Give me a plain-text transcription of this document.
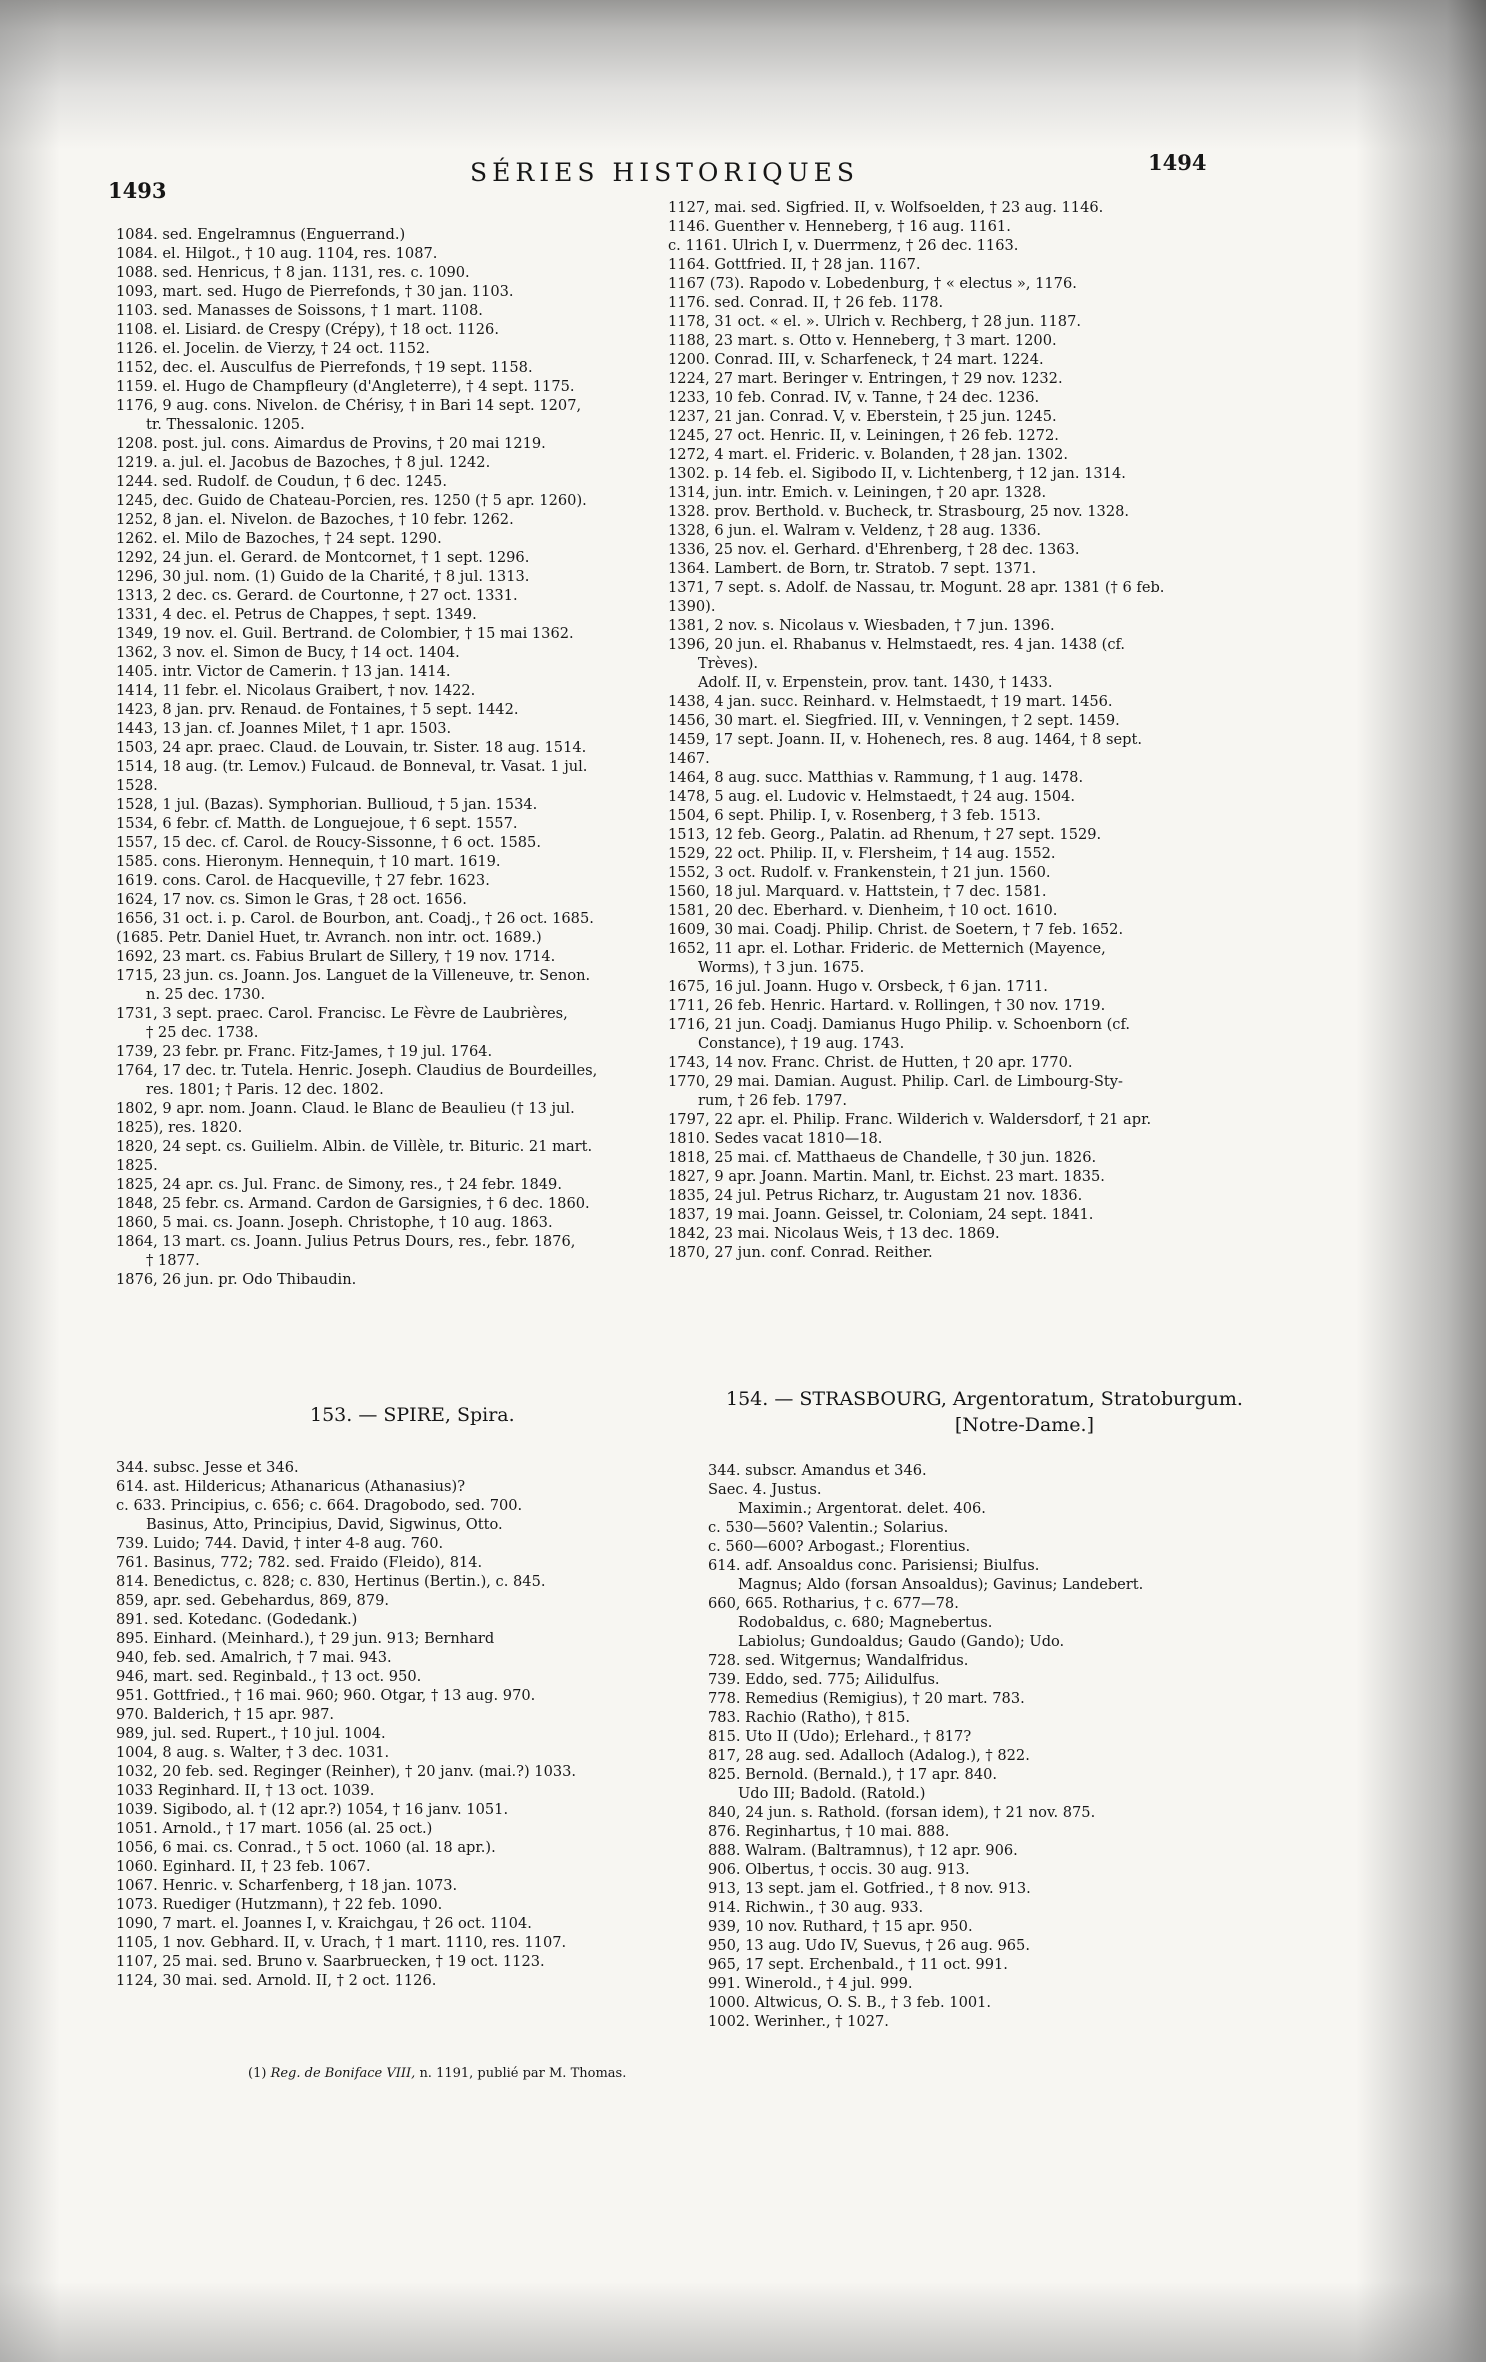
1493
SÉRIES HISTORIQUES	1494
1084. sed. Engelramnus (Enguerrand.)
1084. el. Hilgot., † 10 aug. 1104, res. 1087.
1088. sed. Henricus, † 8 jan. 1131, res. c. 1090.
1093, mart. sed. Hugo de Pierrefonds, † 30 jan. 1103.
1103. sed. Manasses de Soissons, † 1 mart. 1108.
1108. el. Lisiard. de Crespy (Crépy), † 18 oct. 1126.
1126. el. Jocelin. de Vierzy, † 24 oct. 1152.
1152, dec. el. Ausculfus de Pierrefonds, † 19 sept. 1158.
1159. el. Hugo de Champfleury (d'Angleterre), † 4 sept. 1175.
1176, 9 aug. cons. Nivelon. de Chérisy, † in Bari 14 sept. 1207,
tr. Thessalonic. 1205.
1208. post. jul. cons. Aimardus de Provins, † 20 mai 1219.
1219. a. jul. el. Jacobus de Bazoches, † 8 jul. 1242.
1244. sed. Rudolf. de Coudun, † 6 dec. 1245.
1245, dec. Guido de Chateau-Porcien, res. 1250 († 5 apr. 1260).
1252, 8 jan. el. Nivelon. de Bazoches, † 10 febr. 1262.
1262. el. Milo de Bazoches, † 24 sept. 1290.
1292, 24 jun. el. Gerard. de Montcornet, † 1 sept. 1296.
1296, 30 jul. nom. (1) Guido de la Charité, † 8 jul. 1313.
1313, 2 dec. cs. Gerard. de Courtonne, † 27 oct. 1331.
1331, 4 dec. el. Petrus de Chappes, † sept. 1349.
1349, 19 nov. el. Guil. Bertrand. de Colombier, † 15 mai 1362.
1362, 3 nov. el. Simon de Bucy, † 14 oct. 1404.
1405. intr. Victor de Camerin. † 13 jan. 1414.
1414, 11 febr. el. Nicolaus Graibert, † nov. 1422.
1423, 8 jan. prv. Renaud. de Fontaines, † 5 sept. 1442.
1443, 13 jan. cf. Joannes Milet, † 1 apr. 1503.
1503, 24 apr. praec. Claud. de Louvain, tr. Sister. 18 aug. 1514.
1514, 18 aug. (tr. Lemov.) Fulcaud. de Bonneval, tr. Vasat. 1 jul.
1528.
1528, 1 jul. (Bazas). Symphorian. Bullioud, † 5 jan. 1534.
1534, 6 febr. cf. Matth. de Longuejoue, † 6 sept. 1557.
1557, 15 dec. cf. Carol. de Roucy-Sissonne, † 6 oct. 1585.
1585. cons. Hieronym. Hennequin, † 10 mart. 1619.
1619. cons. Carol. de Hacqueville, † 27 febr. 1623.
1624, 17 nov. cs. Simon le Gras, † 28 oct. 1656.
1656, 31 oct. i. p. Carol. de Bourbon, ant. Coadj., † 26 oct. 1685.
(1685. Petr. Daniel Huet, tr. Avranch. non intr. oct. 1689.)
1692, 23 mart. cs. Fabius Brulart de Sillery, † 19 nov. 1714.
1715, 23 jun. cs. Joann. Jos. Languet de la Villeneuve, tr. Senon.
n. 25 dec. 1730.
1731, 3 sept. praec. Carol. Francisc. Le Fèvre de Laubrières,
† 25 dec. 1738.
1739, 23 febr. pr. Franc. Fitz-James, † 19 jul. 1764.
1764, 17 dec. tr. Tutela. Henric. Joseph. Claudius de Bourdeilles,
res. 1801; † Paris. 12 dec. 1802.
1802, 9 apr. nom. Joann. Claud. le Blanc de Beaulieu († 13 jul.
1825), res. 1820.
1820, 24 sept. cs. Guilielm. Albin. de Villèle, tr. Bituric. 21 mart.
1825.
1825, 24 apr. cs. Jul. Franc. de Simony, res., † 24 febr. 1849.
1848, 25 febr. cs. Armand. Cardon de Garsignies, † 6 dec. 1860.
1860, 5 mai. cs. Joann. Joseph. Christophe, † 10 aug. 1863.
1864, 13 mart. cs. Joann. Julius Petrus Dours, res., febr. 1876,
† 1877.
1876, 26 jun. pr. Odo Thibaudin.
1127, mai. sed. Sigfried. II, v. Wolfsoelden, † 23 aug. 1146.
1146. Guenther v. Henneberg, † 16 aug. 1161.
c. 1161. Ulrich I, v. Duerrmenz, † 26 dec. 1163.
1164. Gottfried. II, † 28 jan. 1167.
1167 (73). Rapodo v. Lobedenburg, † « electus », 1176.
1176. sed. Conrad. II, † 26 feb. 1178.
1178, 31 oct. « el. ». Ulrich v. Rechberg, † 28 jun. 1187.
1188, 23 mart. s. Otto v. Henneberg, † 3 mart. 1200.
1200. Conrad. III, v. Scharfeneck, † 24 mart. 1224.
1224, 27 mart. Beringer v. Entringen, † 29 nov. 1232.
1233, 10 feb. Conrad. IV, v. Tanne, † 24 dec. 1236.
1237, 21 jan. Conrad. V, v. Eberstein, † 25 jun. 1245.
1245, 27 oct. Henric. II, v. Leiningen, † 26 feb. 1272.
1272, 4 mart. el. Frideric. v. Bolanden, † 28 jan. 1302.
1302. p. 14 feb. el. Sigibodo II, v. Lichtenberg, † 12 jan. 1314.
1314, jun. intr. Emich. v. Leiningen, † 20 apr. 1328.
1328. prov. Berthold. v. Bucheck, tr. Strasbourg, 25 nov. 1328.
1328, 6 jun. el. Walram v. Veldenz, † 28 aug. 1336.
1336, 25 nov. el. Gerhard. d'Ehrenberg, † 28 dec. 1363.
1364. Lambert. de Born, tr. Stratob. 7 sept. 1371.
1371, 7 sept. s. Adolf. de Nassau, tr. Mogunt. 28 apr. 1381 († 6 feb.
1390).
1381, 2 nov. s. Nicolaus v. Wiesbaden, † 7 jun. 1396.
1396, 20 jun. el. Rhabanus v. Helmstaedt, res. 4 jan. 1438 (cf.
Trèves).
Adolf. II, v. Erpenstein, prov. tant. 1430, † 1433.
1438, 4 jan. succ. Reinhard. v. Helmstaedt, † 19 mart. 1456.
1456, 30 mart. el. Siegfried. III, v. Venningen, † 2 sept. 1459.
1459, 17 sept. Joann. II, v. Hohenech, res. 8 aug. 1464, † 8 sept.
1467.
1464, 8 aug. succ. Matthias v. Rammung, † 1 aug. 1478.
1478, 5 aug. el. Ludovic v. Helmstaedt, † 24 aug. 1504.
1504, 6 sept. Philip. I, v. Rosenberg, † 3 feb. 1513.
1513, 12 feb. Georg., Palatin. ad Rhenum, † 27 sept. 1529.
1529, 22 oct. Philip. II, v. Flersheim, † 14 aug. 1552.
1552, 3 oct. Rudolf. v. Frankenstein, † 21 jun. 1560.
1560, 18 jul. Marquard. v. Hattstein, † 7 dec. 1581.
1581, 20 dec. Eberhard. v. Dienheim, † 10 oct. 1610.
1609, 30 mai. Coadj. Philip. Christ. de Soetern, † 7 feb. 1652.
1652, 11 apr. el. Lothar. Frideric. de Metternich (Mayence,
Worms), † 3 jun. 1675.
1675, 16 jul. Joann. Hugo v. Orsbeck, † 6 jan. 1711.
1711, 26 feb. Henric. Hartard. v. Rollingen, † 30 nov. 1719.
1716, 21 jun. Coadj. Damianus Hugo Philip. v. Schoenborn (cf.
Constance), † 19 aug. 1743.
1743, 14 nov. Franc. Christ. de Hutten, † 20 apr. 1770.
1770, 29 mai. Damian. August. Philip. Carl. de Limbourg-Sty-
rum, † 26 feb. 1797.
1797, 22 apr. el. Philip. Franc. Wilderich v. Waldersdorf, † 21 apr.
1810. Sedes vacat 1810—18.
1818, 25 mai. cf. Matthaeus de Chandelle, † 30 jun. 1826.
1827, 9 apr. Joann. Martin. Manl, tr. Eichst. 23 mart. 1835.
1835, 24 jul. Petrus Richarz, tr. Augustam 21 nov. 1836.
1837, 19 mai. Joann. Geissel, tr. Coloniam, 24 sept. 1841.
1842, 23 mai. Nicolaus Weis, † 13 dec. 1869.
1870, 27 jun. conf. Conrad. Reither.
153. — SPIRE, Spira.
154. — STRASBOURG, Argentoratum, Stratoburgum.
[Notre-Dame.]
344. subsc. Jesse et 346.
614. ast. Hildericus; Athanaricus (Athanasius)?
c. 633. Principius, c. 656; c. 664. Dragobodo, sed. 700.
Basinus, Atto, Principius, David, Sigwinus, Otto.
739. Luido; 744. David, † inter 4-8 aug. 760.
761. Basinus, 772; 782. sed. Fraido (Fleido), 814.
814. Benedictus, c. 828; c. 830, Hertinus (Bertin.), c. 845.
859, apr. sed. Gebehardus, 869, 879.
891. sed. Kotedanc. (Godedank.)
895. Einhard. (Meinhard.), † 29 jun. 913; Bernhard
940, feb. sed. Amalrich, † 7 mai. 943.
946, mart. sed. Reginbald., † 13 oct. 950.
951. Gottfried., † 16 mai. 960; 960. Otgar, † 13 aug. 970.
970. Balderich, † 15 apr. 987.
989, jul. sed. Rupert., † 10 jul. 1004.
1004, 8 aug. s. Walter, † 3 dec. 1031.
1032, 20 feb. sed. Reginger (Reinher), † 20 janv. (mai.?) 1033.
1033 Reginhard. II, † 13 oct. 1039.
1039. Sigibodo, al. † (12 apr.?) 1054, † 16 janv. 1051.
1051. Arnold., † 17 mart. 1056 (al. 25 oct.)
1056, 6 mai. cs. Conrad., † 5 oct. 1060 (al. 18 apr.).
1060. Eginhard. II, † 23 feb. 1067.
1067. Henric. v. Scharfenberg, † 18 jan. 1073.
1073. Ruediger (Hutzmann), † 22 feb. 1090.
1090, 7 mart. el. Joannes I, v. Kraichgau, † 26 oct. 1104.
1105, 1 nov. Gebhard. II, v. Urach, † 1 mart. 1110, res. 1107.
1107, 25 mai. sed. Bruno v. Saarbruecken, † 19 oct. 1123.
1124, 30 mai. sed. Arnold. II, † 2 oct. 1126.
344. subscr. Amandus et 346.
Saec. 4. Justus.
Maximin.; Argentorat. delet. 406.
c. 530—560? Valentin.; Solarius.
c. 560—600? Arbogast.; Florentius.
614. adf. Ansoaldus conc. Parisiensi; Biulfus.
Magnus; Aldo (forsan Ansoaldus); Gavinus; Landebert.
660, 665. Rotharius, † c. 677—78.
Rodobaldus, c. 680; Magnebertus.
Labiolus; Gundoaldus; Gaudo (Gando); Udo.
728. sed. Witgernus; Wandalfridus.
739. Eddo, sed. 775; Ailidulfus.
778. Remedius (Remigius), † 20 mart. 783.
783. Rachio (Ratho), † 815.
815. Uto II (Udo); Erlehard., † 817?
817, 28 aug. sed. Adalloch (Adalog.), † 822.
825. Bernold. (Bernald.), † 17 apr. 840.
Udo III; Badold. (Ratold.)
840, 24 jun. s. Rathold. (forsan idem), † 21 nov. 875.
876. Reginhartus, † 10 mai. 888.
888. Walram. (Baltramnus), † 12 apr. 906.
906. Olbertus, † occis. 30 aug. 913.
913, 13 sept. jam el. Gotfried., † 8 nov. 913.
914. Richwin., † 30 aug. 933.
939, 10 nov. Ruthard, † 15 apr. 950.
950, 13 aug. Udo IV, Suevus, † 26 aug. 965.
965, 17 sept. Erchenbald., † 11 oct. 991.
991. Winerold., † 4 jul. 999.
1000. Altwicus, O. S. B., † 3 feb. 1001.
1002. Werinher., † 1027.
(1) Reg. de Boniface VIII, n. 1191, publié par M. Thomas.
